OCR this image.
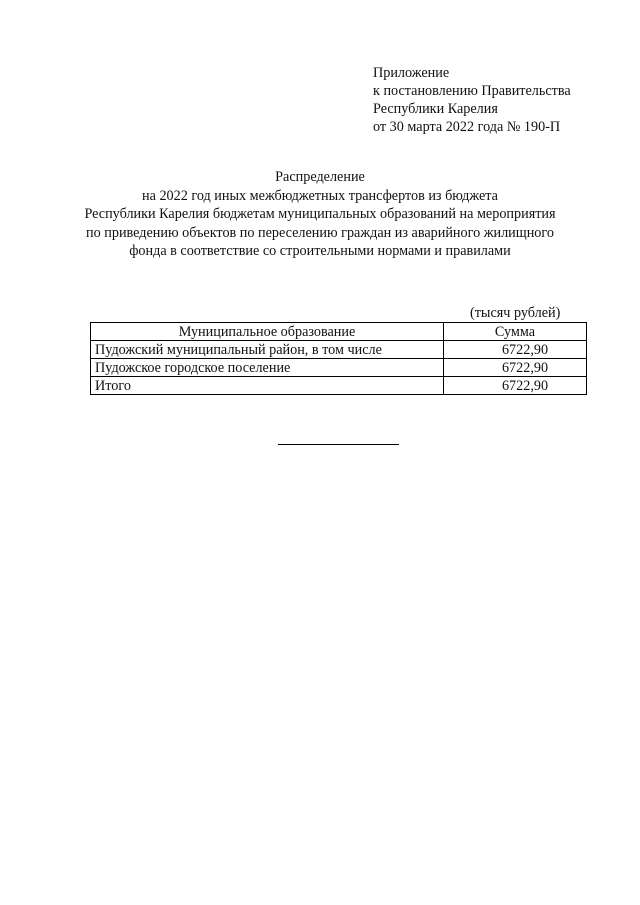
Приложение
к постановлению Правительства
Республики Карелия
от 30 марта 2022 года № 190-П
Распределение
на 2022 год иных межбюджетных трансфертов из бюджета
Республики Карелия бюджетам муниципальных образований на мероприятия
по приведению объектов по переселению граждан из аварийного жилищного
фонда в соответствие со строительными нормами и правилами
(тысяч рублей)
Муниципальное образование	Сумма
Пудожский муниципальный район, в том числе	6722,90
Пудожское городское поселение	6722,90
Итого	6722,90
